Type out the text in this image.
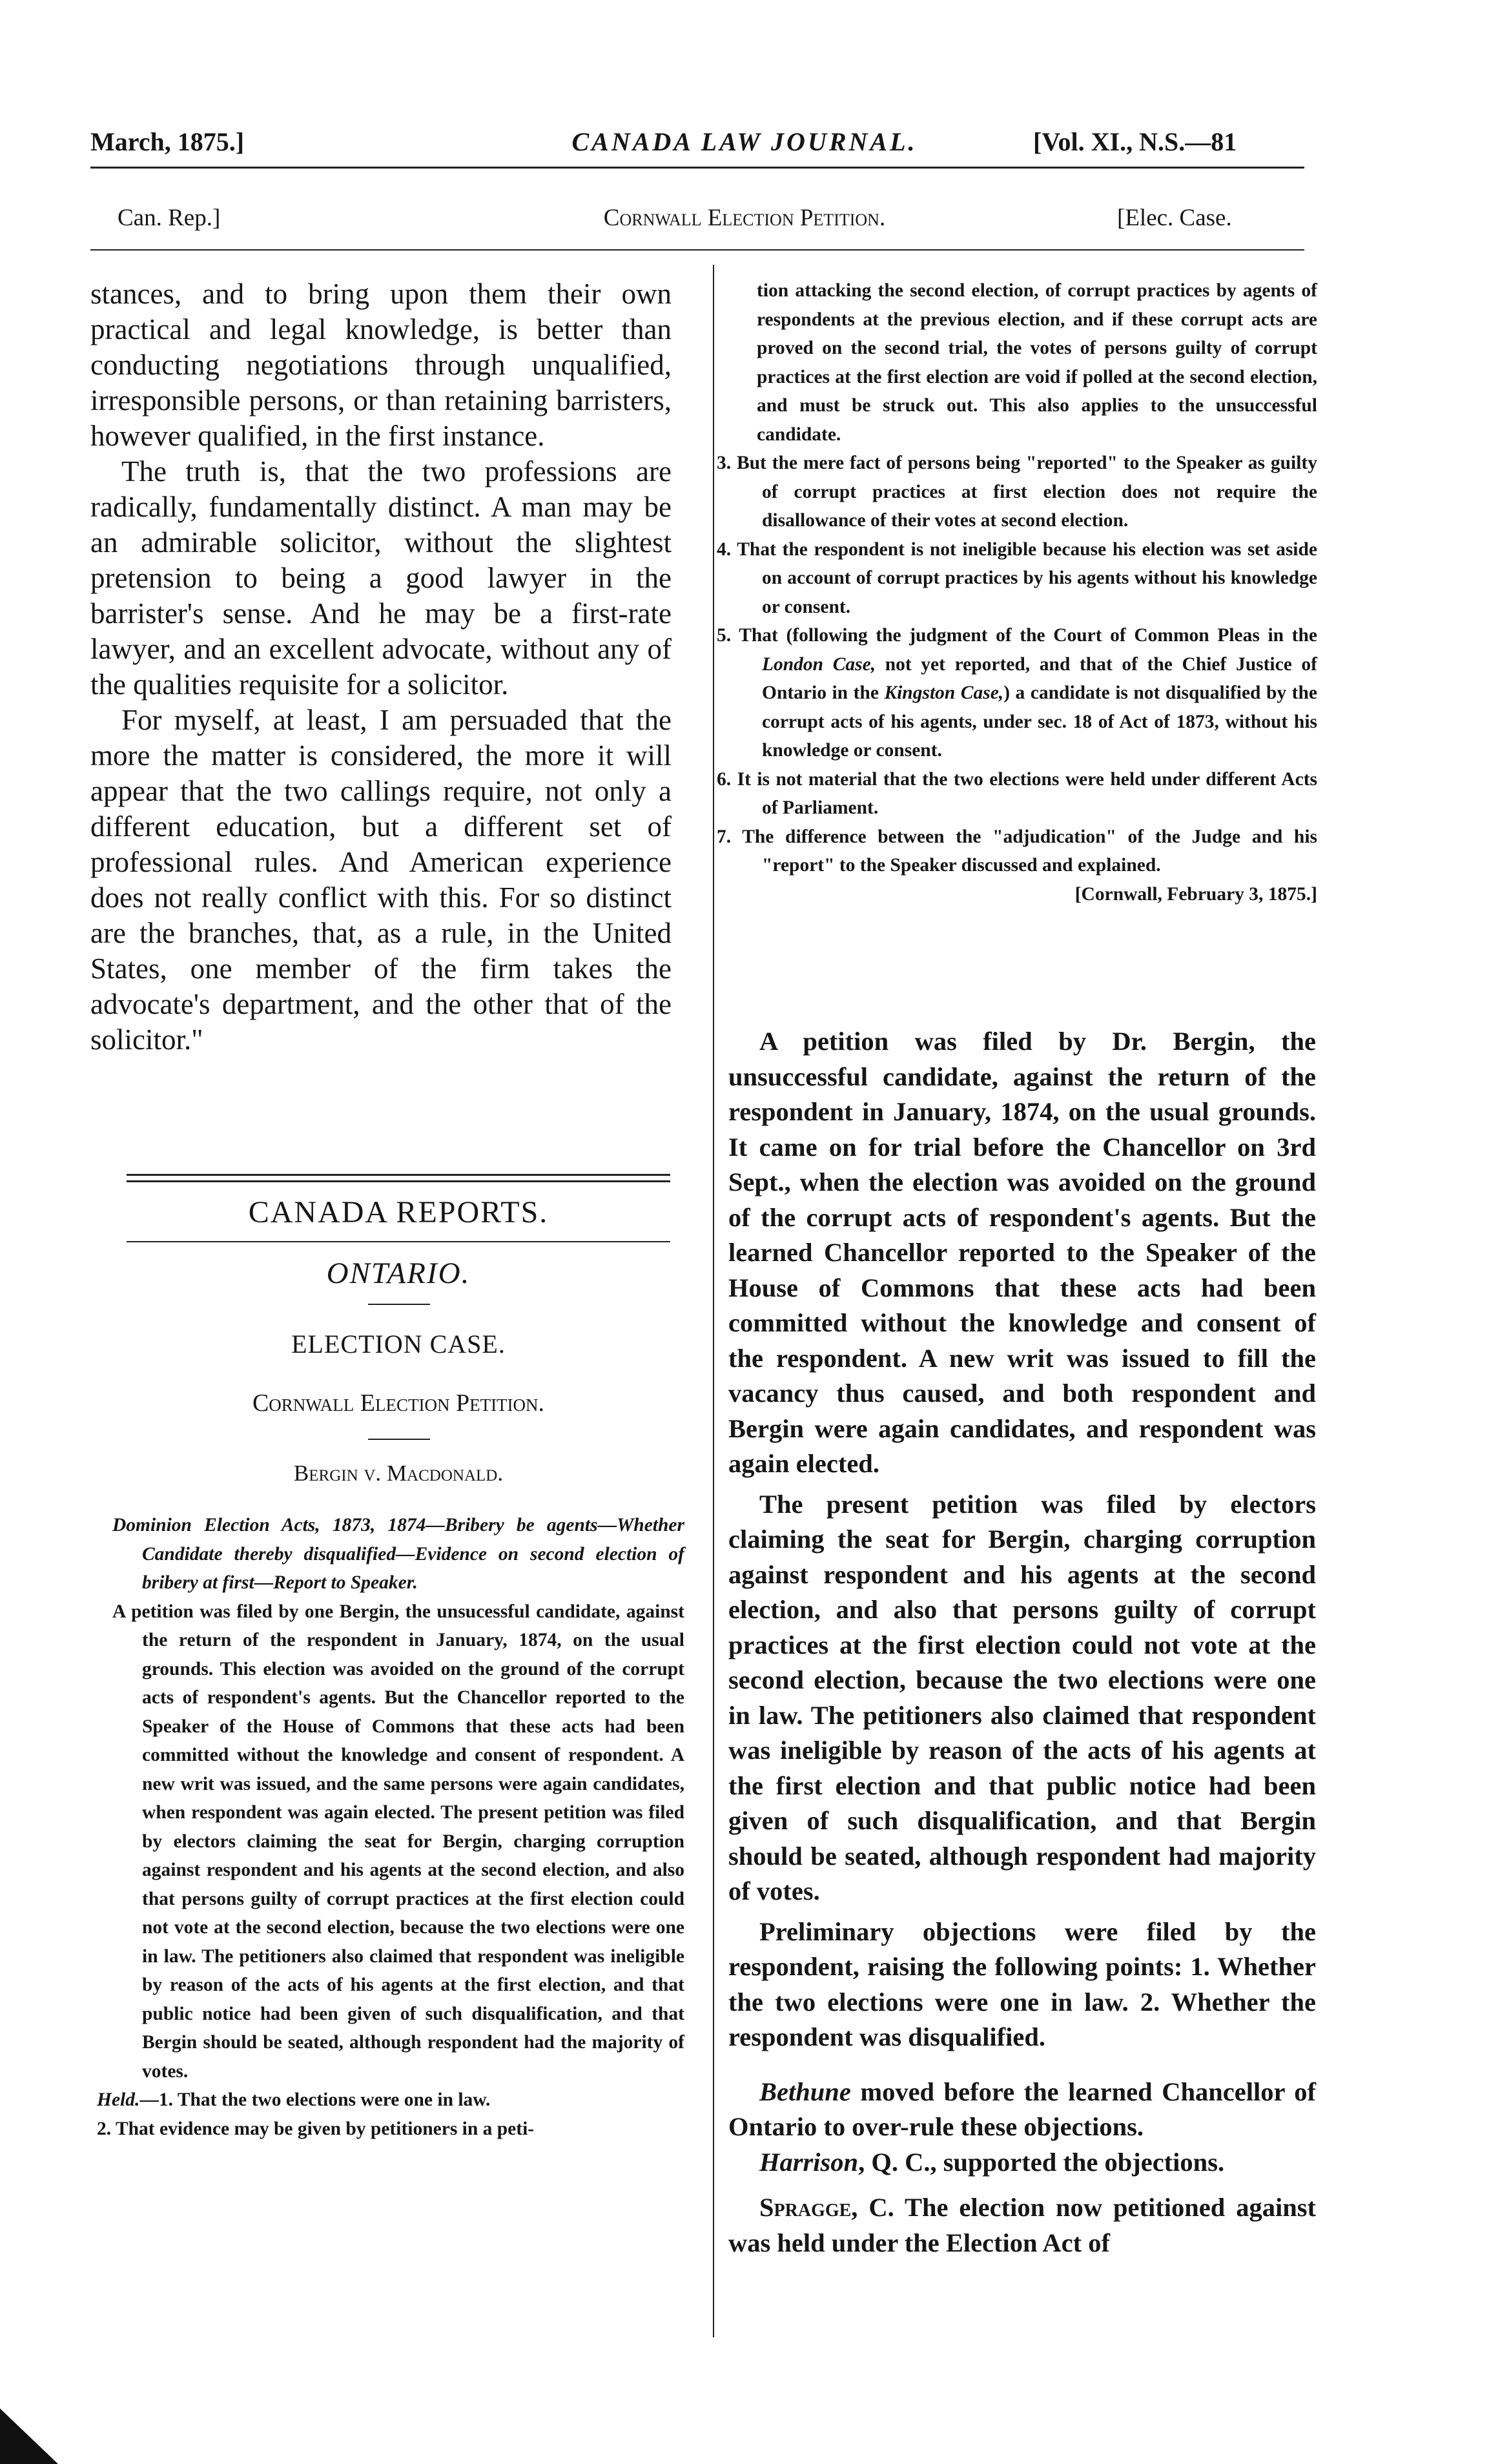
March, 1875.]	CANADA LAW JOURNAL.	[Vol. XI., N.S.—81
Can. Rep.]	Cornwall Election Petition.	[Elec. Case.

stances, and to bring upon them their own practical and legal knowledge, is better than conducting negotiations through unqualified, irresponsible persons, or than retaining barristers, however qualified, in the first instance.

The truth is, that the two professions are radically, fundamentally distinct. A man may be an admirable solicitor, without the slightest pretension to being a good lawyer in the barrister's sense. And he may be a first-rate lawyer, and an excellent advocate, without any of the qualities requisite for a solicitor.

For myself, at least, I am persuaded that the more the matter is considered, the more it will appear that the two callings require, not only a different education, but a different set of professional rules. And American experience does not really conflict with this. For so distinct are the branches, that, as a rule, in the United States, one member of the firm takes the advocate's department, and the other that of the solicitor."

CANADA REPORTS.
ONTARIO.
ELECTION CASE.
Cornwall Election Petition.
Bergin v. Macdonald.

Dominion Election Acts, 1873, 1874—Bribery be agents—Whether Candidate thereby disqualified—Evidence on second election of bribery at first—Report to Speaker.

A petition was filed by one Bergin, the unsucessful candidate, against the return of the respondent in January, 1874, on the usual grounds. This election was avoided on the ground of the corrupt acts of respondent's agents. But the Chancellor reported to the Speaker of the House of Commons that these acts had been committed without the knowledge and consent of respondent. A new writ was issued, and the same persons were again candidates, when respondent was again elected. The present petition was filed by electors claiming the seat for Bergin, charging corruption against respondent and his agents at the second election, and also that persons guilty of corrupt practices at the first election could not vote at the second election, because the two elections were one in law. The petitioners also claimed that respondent was ineligible by reason of the acts of his agents at the first election, and that public notice had been given of such disqualification, and that Bergin should be seated, although respondent had the majority of votes.

Held.—1. That the two elections were one in law.

2. That evidence may be given by petitioners in a peti-

tion attacking the second election, of corrupt practices by agents of respondents at the previous election, and if these corrupt acts are proved on the second trial, the votes of persons guilty of corrupt practices at the first election are void if polled at the second election, and must be struck out. This also applies to the unsuccessful candidate.

3. But the mere fact of persons being "reported" to the Speaker as guilty of corrupt practices at first election does not require the disallowance of their votes at second election.

4. That the respondent is not ineligible because his election was set aside on account of corrupt practices by his agents without his knowledge or consent.

5. That (following the judgment of the Court of Common Pleas in the London Case, not yet reported, and that of the Chief Justice of Ontario in the Kingston Case,) a candidate is not disqualified by the corrupt acts of his agents, under sec. 18 of Act of 1873, without his knowledge or consent.

6. It is not material that the two elections were held under different Acts of Parliament.

7. The difference between the "adjudication" of the Judge and his "report" to the Speaker discussed and explained.

[Cornwall, February 3, 1875.]

A petition was filed by Dr. Bergin, the unsuccessful candidate, against the return of the respondent in January, 1874, on the usual grounds. It came on for trial before the Chancellor on 3rd Sept., when the election was avoided on the ground of the corrupt acts of respondent's agents. But the learned Chancellor reported to the Speaker of the House of Commons that these acts had been committed without the knowledge and consent of the respondent. A new writ was issued to fill the vacancy thus caused, and both respondent and Bergin were again candidates, and respondent was again elected.

The present petition was filed by electors claiming the seat for Bergin, charging corruption against respondent and his agents at the second election, and also that persons guilty of corrupt practices at the first election could not vote at the second election, because the two elections were one in law. The petitioners also claimed that respondent was ineligible by reason of the acts of his agents at the first election and that public notice had been given of such disqualification, and that Bergin should be seated, although respondent had majority of votes.

Preliminary objections were filed by the respondent, raising the following points: 1. Whether the two elections were one in law. 2. Whether the respondent was disqualified.

Bethune moved before the learned Chancellor of Ontario to over-rule these objections.

Harrison, Q. C., supported the objections.

Spragge, C. The election now petitioned against was held under the Election Act of
